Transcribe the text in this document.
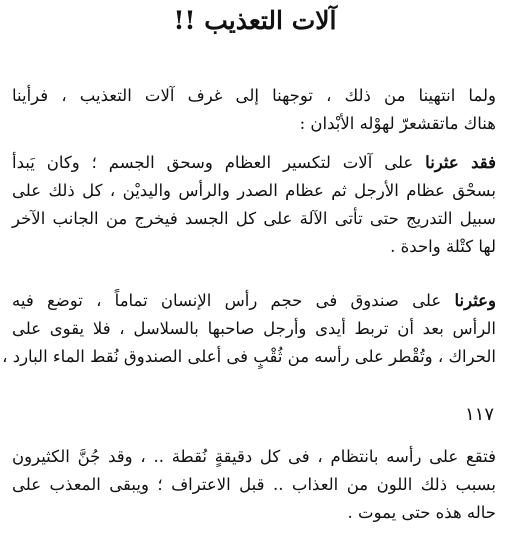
آلات التعذيب !!

ولما انتهينا من ذلك ، توجهنا إلى غرف آلات التعذيب ، فرأينا

هناك ماتقشعرّ لهوْله الأبْدان :

فقد عثرنا على آلات لتكسير العظام وسحق الجسم ؛ وكان يَبدأ

بسحْق عظام الأرجل ثم عظام الصدر والرأس واليديْن ، كل ذلك على

سبيل التدريج حتى تأتى الآلة على كل الجسد فيخرج من الجانب الآخر

لها كتْلة واحدة .

وعثرنا على صندوق فى حجم رأس الإنسان تماماً ، توضع فيه

الرأس بعد أن تربط أيدى وأرجل صاحبها بالسلاسل ، فلا يقوى على

الحراك ، وتُقْطر على رأسه من ثُقْبٍ فى أعلى الصندوق نُقط الماء البارد ،

١١٧

فتقع على رأسه بانتظام ، فى كل دقيقةٍ نُقطة .. ، وقد جُنَّ الكثيرون

بسبب ذلك اللون من العذاب .. قبل الاعتراف ؛ ويبقى المعذب على

حاله هذه حتى يموت .
